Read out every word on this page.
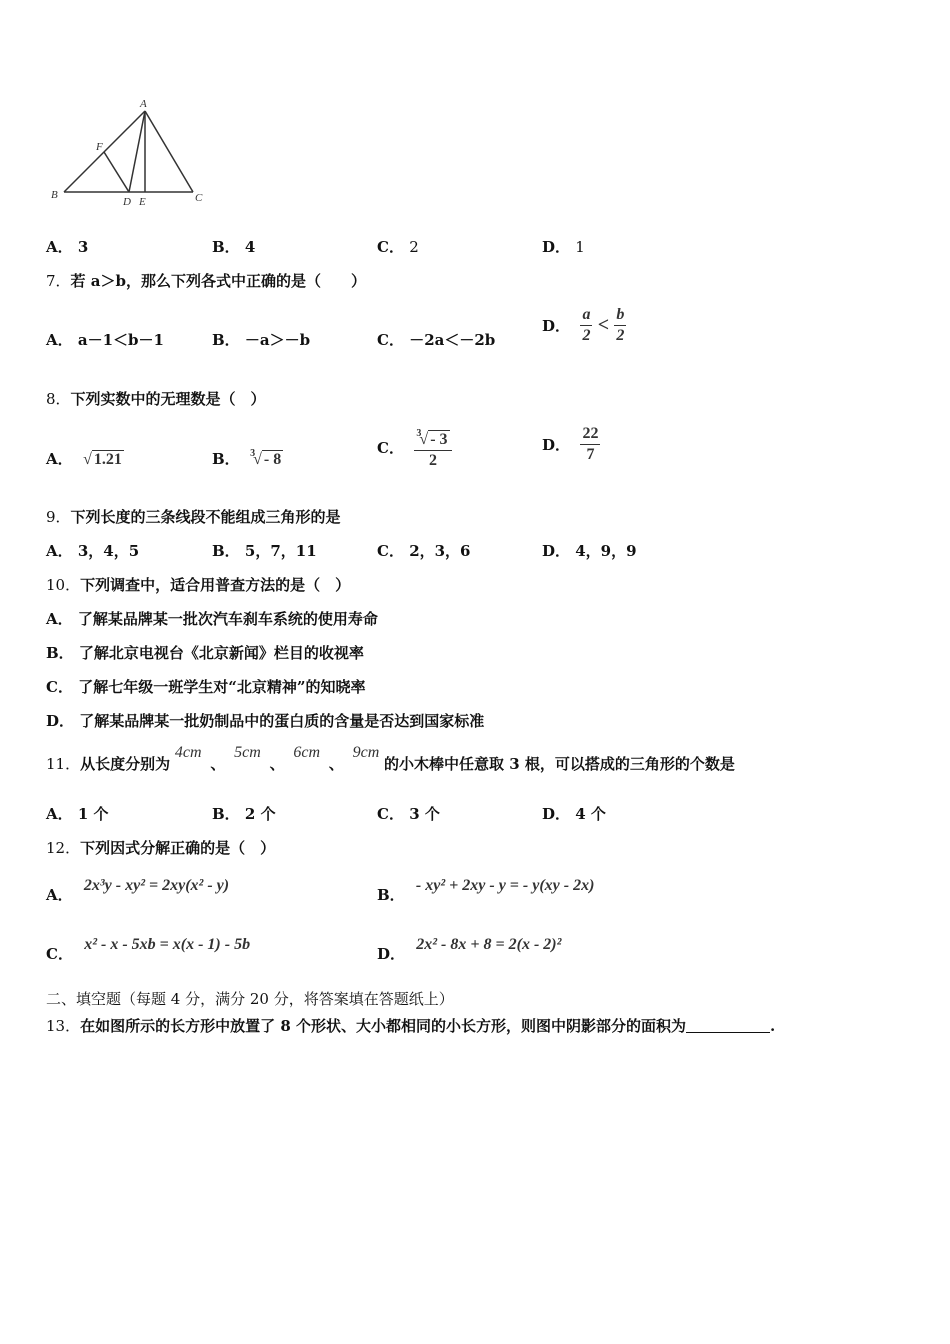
A
B	C
D E
F
A． 3	B． 4	C． 2	D． 1
7．若 a＞b，那么下列各式中正确的是（　　）
A． a－1＜b－1	B． －a＞－b	C． －2a＜－2b
D． $\frac{a}{2} < \frac{b}{2}$
8．下列实数中的无理数是（　）
A． √ 1.21	B． $^3$√ - 8
C． $\frac{^3√ - 3}{2}$	D． $\frac{22}{7}$
9．下列长度的三条线段不能组成三角形的是
A． 3，4，5	B． 5，7，11	C． 2，3，6	D． 4，9，9
10．下列调查中，适合用普查方法的是（　）
A． 了解某品牌某一批次汽车刹车系统的使用寿命
B． 了解北京电视台《北京新闻》栏目的收视率
C． 了解七年级一班学生对“北京精神”的知晓率
D． 了解某品牌某一批奶制品中的蛋白质的含量是否达到国家标准
11．从长度分别为 4cm 、 5cm 、 6cm 、 9cm 的小木棒中任意取 3 根，可以搭成的三角形的个数是
A． 1 个	B． 2 个	C． 3 个	D． 4 个
12．下列因式分解正确的是（　）
A． 2x³y - xy² = 2xy(x² - y)
B． - xy² + 2xy - y = - y(xy - 2x)
C． x² - x - 5xb = x(x - 1) - 5b
D． 2x² - 8x + 8 = 2(x - 2)²
二、填空题（每题 4 分，满分 20 分，将答案填在答题纸上）
13．在如图所示的长方形中放置了 8 个形状、大小都相同的小长方形，则图中阴影部分的面积为	.
